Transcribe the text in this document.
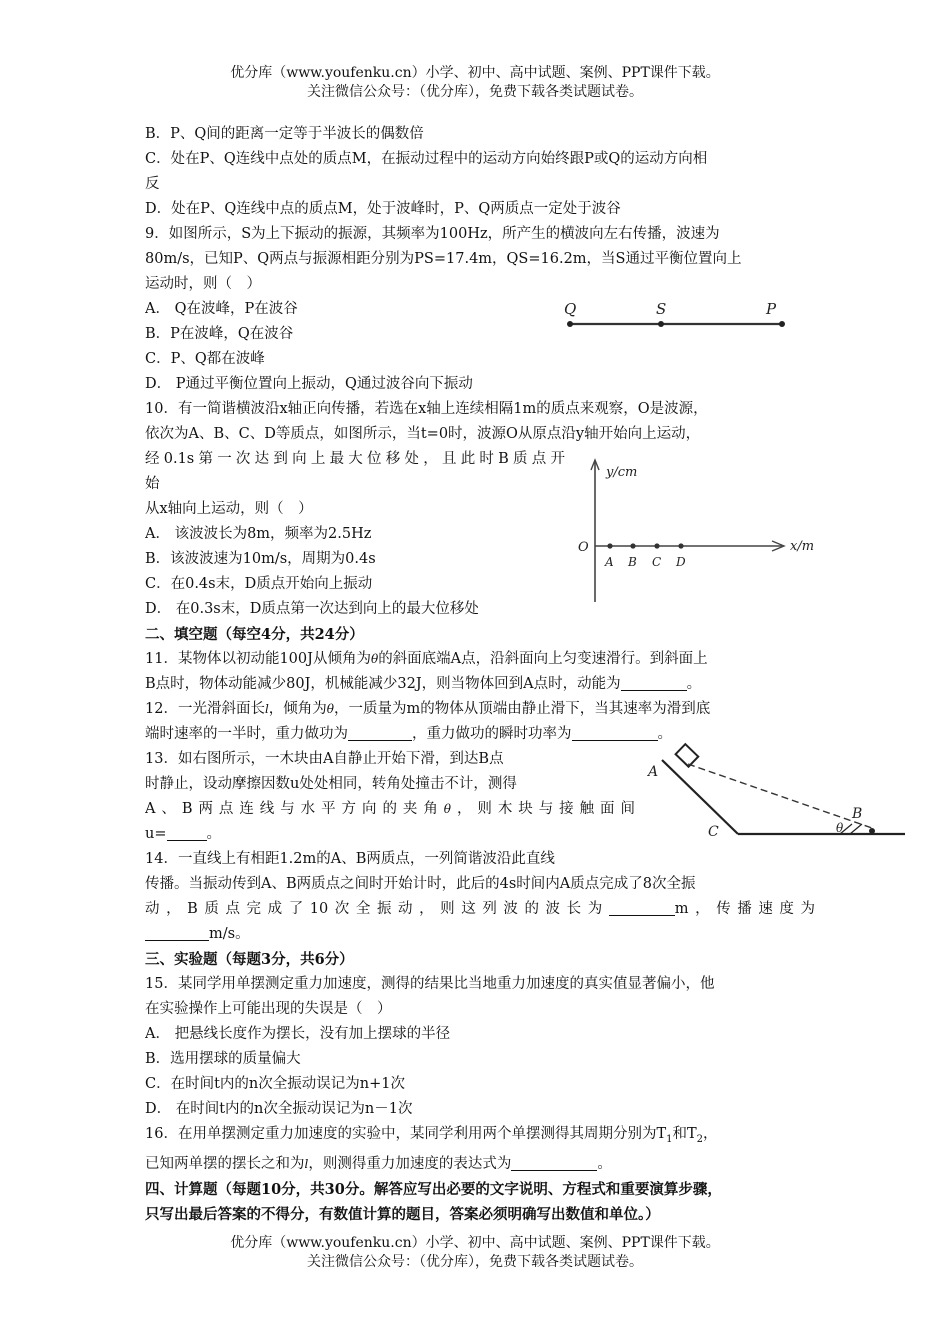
优分库（www.youfenku.cn）小学、初中、高中试题、案例、PPT课件下载。
关注微信公众号：（优分库），免费下载各类试题试卷。

B．P、Q间的距离一定等于半波长的偶数倍

C．处在P、Q连线中点处的质点M，在振动过程中的运动方向始终跟P或Q的运动方向相

反

D．处在P、Q连线中点的质点M，处于波峰时，P、Q两质点一定处于波谷

9．如图所示，S为上下振动的振源，其频率为100Hz，所产生的横波向左右传播，波速为

80m/s，已知P、Q两点与振源相距分别为PS=17.4m，QS=16.2m，当S通过平衡位置向上

运动时，则（　）

A． Q在波峰，P在波谷

B．P在波峰，Q在波谷

C．P、Q都在波峰

D． P通过平衡位置向上振动，Q通过波谷向下振动

10．有一简谐横波沿x轴正向传播，若选在x轴上连续相隔1m的质点来观察，O是波源，

依次为A、B、C、D等质点，如图所示，当t=0时，波源O从原点沿y轴开始向上运动，

经0.1s第一次达到向上最大位移处，且此时B质点开

始

从x轴向上运动，则（　）

A． 该波波长为8m，频率为2.5Hz

B．该波波速为10m/s，周期为0.4s

C．在0.4s末，D质点开始向上振动

D． 在0.3s末，D质点第一次达到向上的最大位移处

二、填空题（每空4分，共24分）

11．某物体以初动能100J从倾角为θ的斜面底端A点，沿斜面向上匀变速滑行。到斜面上

B点时，物体动能减少80J，机械能减少32J，则当物体回到A点时，动能为	。

12．一光滑斜面长l，倾角为θ，一质量为m的物体从顶端由静止滑下，当其速率为滑到底

端时速率的一半时，重力做功为	，重力做功的瞬时功率为	。

13．如右图所示，一木块由A自静止开始下滑，到达B点

时静止，设动摩擦因数u处处相同，转角处撞击不计，测得

A、B两点连线与水平方向的夹角θ，则木块与接触面间

u=	。

14．一直线上有相距1.2m的A、B两质点，一列简谐波沿此直线

传播。当振动传到A、B两质点之间时开始计时，此后的4s时间内A质点完成了8次全振

动，B质点完成了10次全振动，则这列波的波长为	m，传播速度为

m/s。

三、实验题（每题3分，共6分）

15．某同学用单摆测定重力加速度，测得的结果比当地重力加速度的真实值显著偏小，他

在实验操作上可能出现的失误是（　）

A． 把悬线长度作为摆长，没有加上摆球的半径

B．选用摆球的质量偏大

C．在时间t内的n次全振动误记为n+1次

D． 在时间t内的n次全振动误记为n－1次

16．在用单摆测定重力加速度的实验中，某同学利用两个单摆测得其周期分别为$T_1$和$T_2$，

已知两单摆的摆长之和为l，则测得重力加速度的表达式为	。

四、计算题（每题10分，共30分。解答应写出必要的文字说明、方程式和重要演算步骤，

只写出最后答案的不得分，有数值计算的题目，答案必须明确写出数值和单位。）

Q	S	P
y/cm
x/m
O
A B C D
A
B
C	θ
优分库（www.youfenku.cn）小学、初中、高中试题、案例、PPT课件下载。
关注微信公众号：（优分库），免费下载各类试题试卷。
